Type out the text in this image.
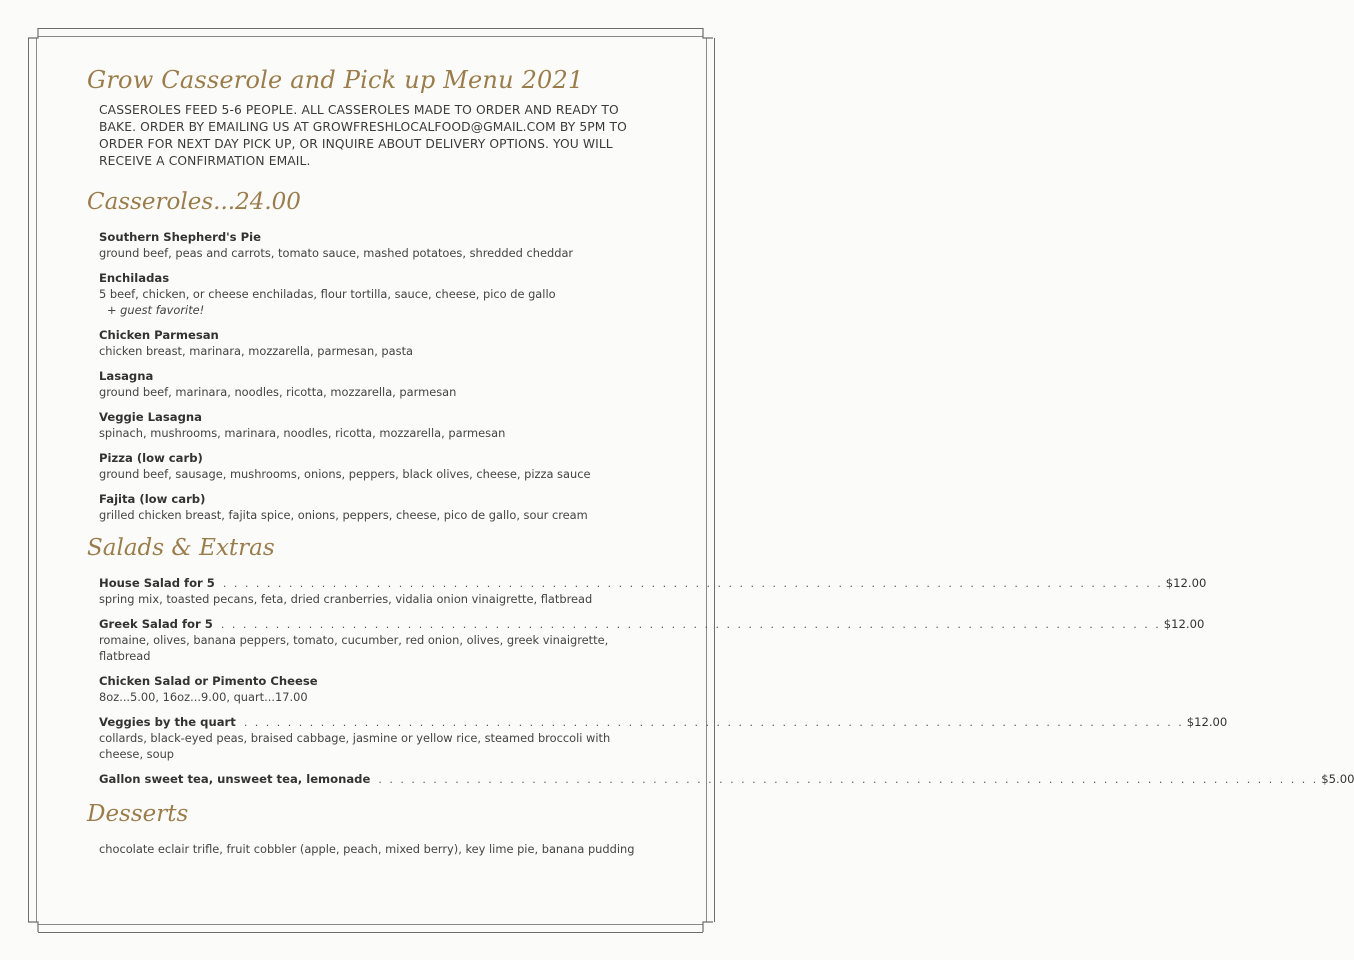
Grow Casserole and Pick up Menu 2021

CASSEROLES FEED 5-6 PEOPLE. ALL CASSEROLES MADE TO ORDER AND READY TO BAKE. ORDER BY EMAILING US AT GROWFRESHLOCALFOOD@GMAIL.COM BY 5PM TO ORDER FOR NEXT DAY PICK UP, OR INQUIRE ABOUT DELIVERY OPTIONS. YOU WILL RECEIVE A CONFIRMATION EMAIL.

Casseroles...24.00
Southern Shepherd's Pie
ground beef, peas and carrots, tomato sauce, mashed potatoes, shredded cheddar
Enchiladas
5 beef, chicken, or cheese enchiladas, flour tortilla, sauce, cheese, pico de gallo
+ guest favorite!
Chicken Parmesan
chicken breast, marinara, mozzarella, parmesan, pasta
Lasagna
ground beef, marinara, noodles, ricotta, mozzarella, parmesan
Veggie Lasagna
spinach, mushrooms, marinara, noodles, ricotta, mozzarella, parmesan
Pizza (low carb)
ground beef, sausage, mushrooms, onions, peppers, black olives, cheese, pizza sauce
Fajita (low carb)
grilled chicken breast, fajita spice, onions, peppers, cheese, pico de gallo, sour cream
Salads & Extras
House Salad for 5 . . . . . . . . . . . . . . . . . . . . . . . . . . . . . . . . . . . . . . . . . . . . . . . . . . . . . . . . . . . . . . . . . . . . . . . . . . . . . . . . . . . . . . $12.00
spring mix, toasted pecans, feta, dried cranberries, vidalia onion vinaigrette, flatbread
Greek Salad for 5 . . . . . . . . . . . . . . . . . . . . . . . . . . . . . . . . . . . . . . . . . . . . . . . . . . . . . . . . . . . . . . . . . . . . . . . . . . . . . . . . . . . . . . $12.00
romaine, olives, banana peppers, tomato, cucumber, red onion, olives, greek vinaigrette, flatbread
Chicken Salad or Pimento Cheese
8oz...5.00, 16oz...9.00, quart...17.00
Veggies by the quart . . . . . . . . . . . . . . . . . . . . . . . . . . . . . . . . . . . . . . . . . . . . . . . . . . . . . . . . . . . . . . . . . . . . . . . . . . . . . . . . . . . . . . $12.00
collards, black-eyed peas, braised cabbage, jasmine or yellow rice, steamed broccoli with cheese, soup
Gallon sweet tea, unsweet tea, lemonade . . . . . . . . . . . . . . . . . . . . . . . . . . . . . . . . . . . . . . . . . . . . . . . . . . . . . . . . . . . . . . . . . . . . . . . . . . . . . . . . . . . . . . $5.00
Desserts
chocolate eclair trifle, fruit cobbler (apple, peach, mixed berry), key lime pie, banana pudding
